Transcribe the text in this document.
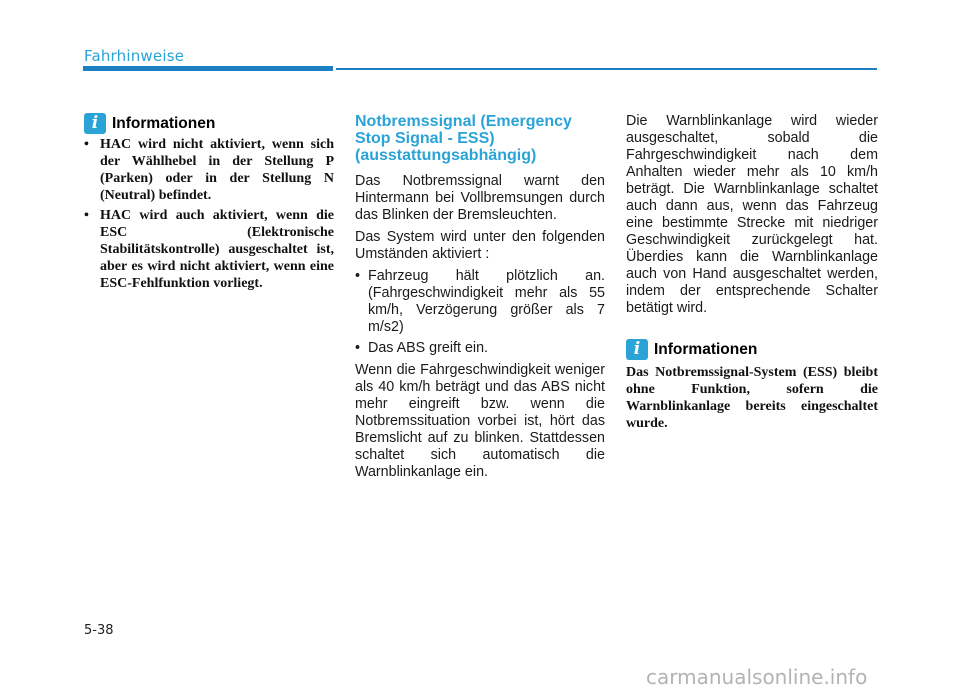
Fahrhinweise
i Informationen
• HAC wird nicht aktiviert, wenn sich der Wählhebel in der Stellung P (Parken) oder in der Stellung N (Neutral) befindet.
• HAC wird auch aktiviert, wenn die ESC (Elektronische Stabilitätskontrolle) ausgeschaltet ist, aber es wird nicht aktiviert, wenn eine ESC-Fehlfunktion vorliegt.
Notbremssignal (Emergency Stop Signal - ESS) (ausstattungsabhängig)

Das Notbremssignal warnt den Hintermann bei Vollbremsungen durch das Blinken der Bremsleuchten.

Das System wird unter den folgenden Umständen aktiviert :

• Fahrzeug hält plötzlich an. (Fahrgeschwindigkeit mehr als 55 km/h, Verzögerung größer als 7 m/s2)
• Das ABS greift ein.

Wenn die Fahrgeschwindigkeit weniger als 40 km/h beträgt und das ABS nicht mehr eingreift bzw. wenn die Notbremssituation vorbei ist, hört das Bremslicht auf zu blinken. Stattdessen schaltet sich automatisch die Warnblinkanlage ein.

Die Warnblinkanlage wird wieder ausgeschaltet, sobald die Fahrgeschwindigkeit nach dem Anhalten wieder mehr als 10 km/h beträgt. Die Warnblinkanlage schaltet auch dann aus, wenn das Fahrzeug eine bestimmte Strecke mit niedriger Geschwindigkeit zurückgelegt hat. Überdies kann die Warnblinkanlage auch von Hand ausgeschaltet werden, indem der entsprechende Schalter betätigt wird.

i Informationen

Das Notbremssignal-System (ESS) bleibt ohne Funktion, sofern die Warnblinkanlage bereits eingeschaltet wurde.

5-38
carmanualsonline.info
